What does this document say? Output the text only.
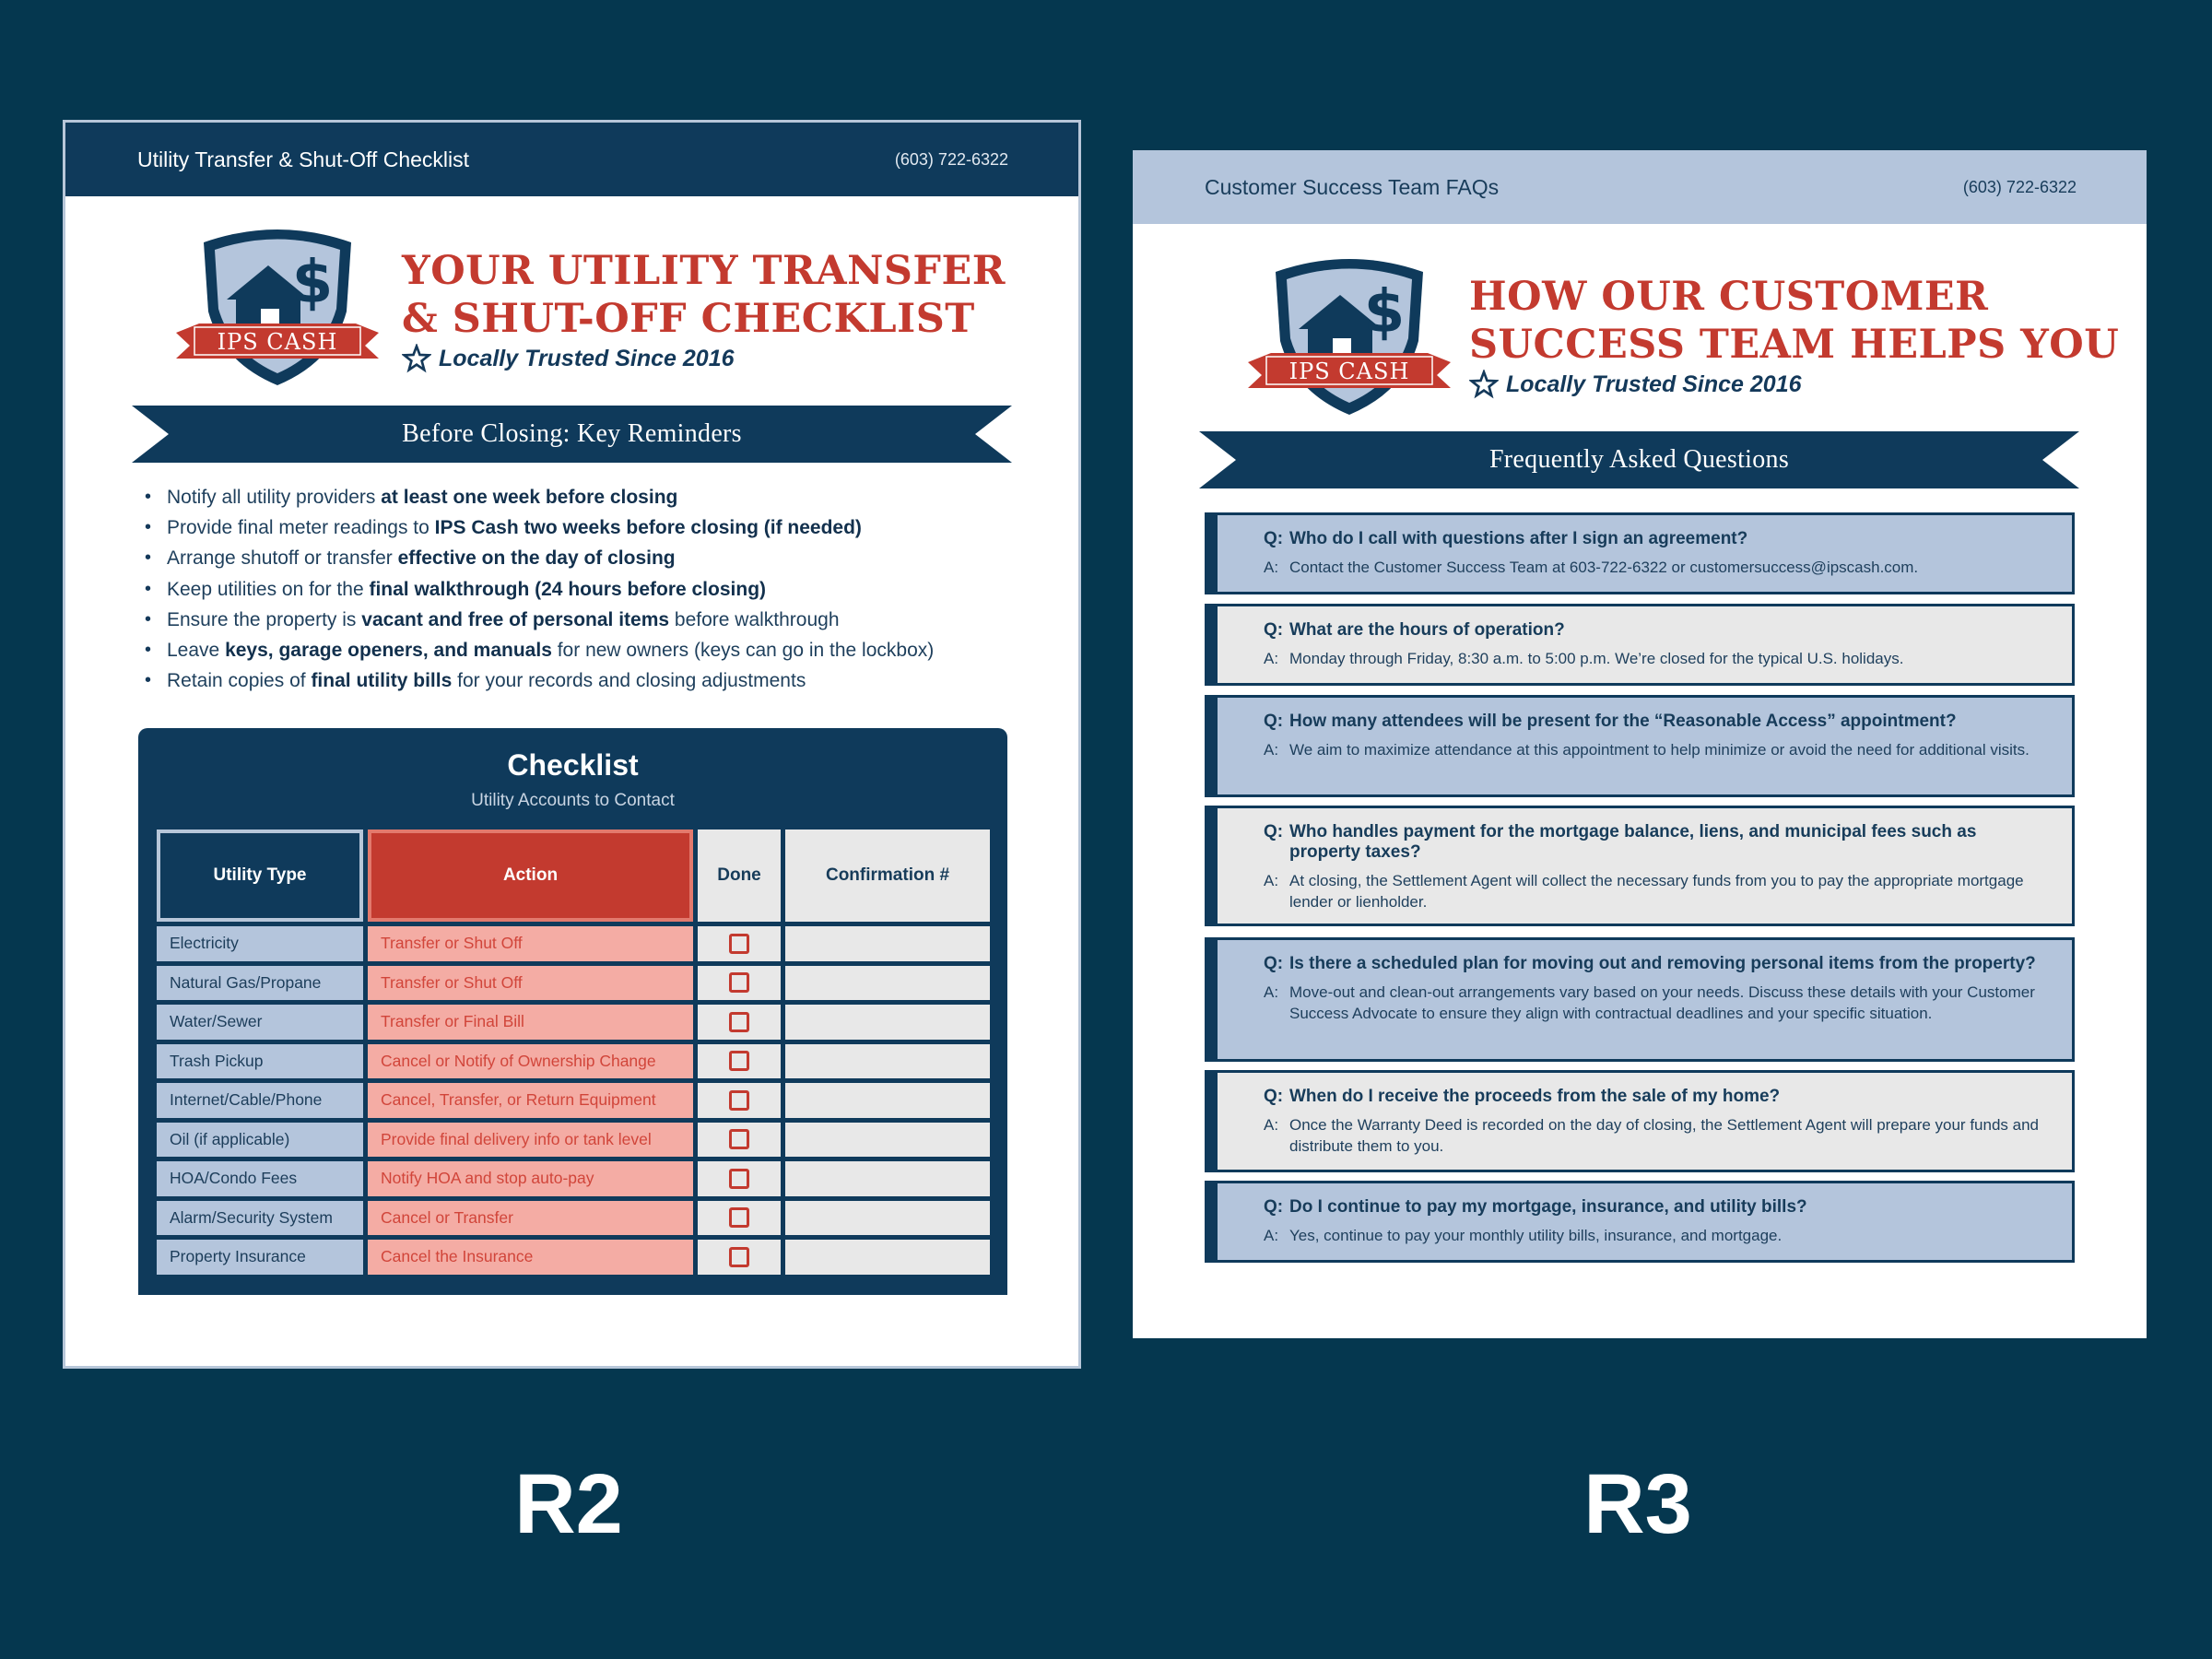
Utility Transfer & Shut-Off Checklist	(603) 722-6322
$
IPS CASH
YOUR UTILITY TRANSFER
& SHUT-OFF CHECKLIST
Locally Trusted Since 2016
Before Closing: Key Reminders
• Notify all utility providers at least one week before closing
• Provide final meter readings to IPS Cash two weeks before closing (if needed)
• Arrange shutoff or transfer effective on the day of closing
• Keep utilities on for the final walkthrough (24 hours before closing)
• Ensure the property is vacant and free of personal items before walkthrough
• Leave keys, garage openers, and manuals for new owners (keys can go in the lockbox)
• Retain copies of final utility bills for your records and closing adjustments
Checklist
Utility Accounts to Contact
Utility Type	Action	Done	Confirmation #
Electricity	Transfer or Shut Off
Natural Gas/Propane	Transfer or Shut Off
Water/Sewer	Transfer or Final Bill
Trash Pickup	Cancel or Notify of Ownership Change
Internet/Cable/Phone	Cancel, Transfer, or Return Equipment
Oil (if applicable)	Provide final delivery info or tank level
HOA/Condo Fees	Notify HOA and stop auto-pay
Alarm/Security System	Cancel or Transfer
Property Insurance	Cancel the Insurance
Customer Success Team FAQs	(603) 722-6322
$
IPS CASH
HOW OUR CUSTOMER
SUCCESS TEAM HELPS YOU
Locally Trusted Since 2016
Frequently Asked Questions
Q: Who do I call with questions after I sign an agreement?
A: Contact the Customer Success Team at 603-722-6322 or customersuccess@ipscash.com.
Q: What are the hours of operation?
A: Monday through Friday, 8:30 a.m. to 5:00 p.m. We’re closed for the typical U.S. holidays.
Q: How many attendees will be present for the “Reasonable Access” appointment?
A: We aim to maximize attendance at this appointment to help minimize or avoid the need for additional visits.
Q: Who handles payment for the mortgage balance, liens, and municipal fees such as property taxes?
A: At closing, the Settlement Agent will collect the necessary funds from you to pay the appropriate mortgage lender or lienholder.
Q: Is there a scheduled plan for moving out and removing personal items from the property?
A: Move-out and clean-out arrangements vary based on your needs. Discuss these details with your Customer Success Advocate to ensure they align with contractual deadlines and your specific situation.
Q: When do I receive the proceeds from the sale of my home?
A: Once the Warranty Deed is recorded on the day of closing, the Settlement Agent will prepare your funds and distribute them to you.
Q: Do I continue to pay my mortgage, insurance, and utility bills?
A: Yes, continue to pay your monthly utility bills, insurance, and mortgage.
R2	R3
